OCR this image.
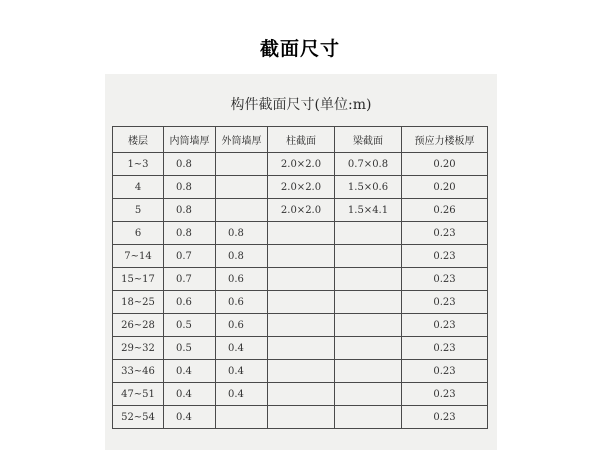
截面尺寸
构件截面尺寸(单位:m)
楼层	内筒墙厚	外筒墙厚	柱截面	梁截面	预应力楼板厚
1~3	0.8		2.0×2.0	0.7×0.8	0.20
4	0.8		2.0×2.0	1.5×0.6	0.20
5	0.8		2.0×2.0	1.5×4.1	0.26
6	0.8	0.8			0.23
7~14	0.7	0.8			0.23
15~17	0.7	0.6			0.23
18~25	0.6	0.6			0.23
26~28	0.5	0.6			0.23
29~32	0.5	0.4			0.23
33~46	0.4	0.4			0.23
47~51	0.4	0.4			0.23
52~54	0.4				0.23
